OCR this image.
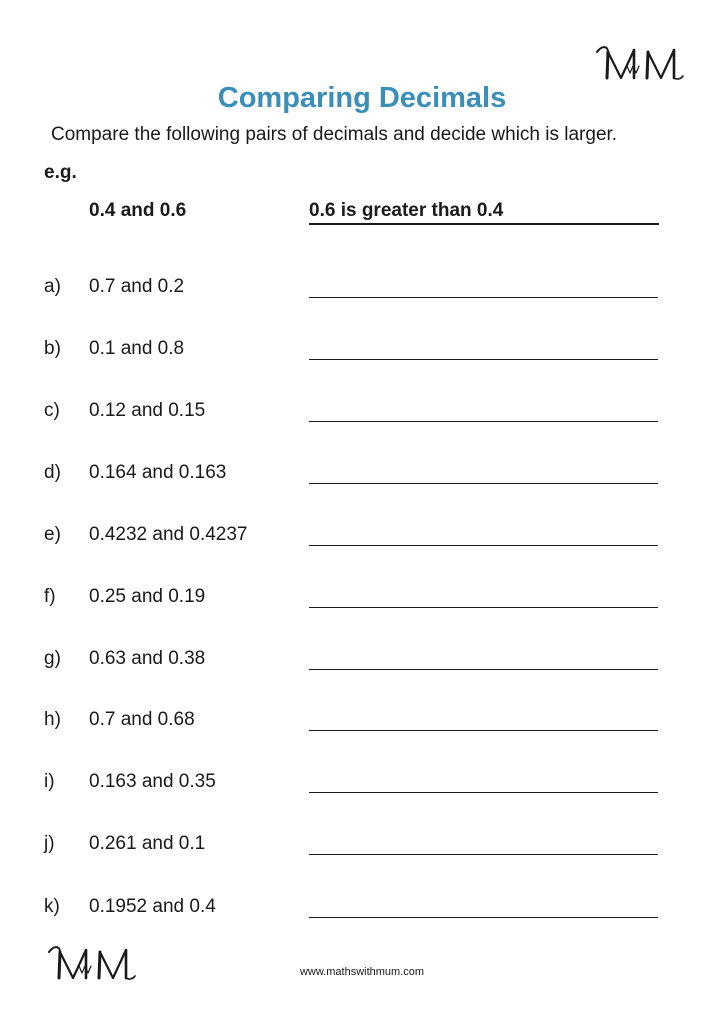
Comparing Decimals
Compare the following pairs of decimals and decide which is larger.
e.g.
0.4 and 0.6	0.6 is greater than 0.4
a) 0.7 and 0.2
b) 0.1 and 0.8
c) 0.12 and 0.15
d) 0.164 and 0.163
e) 0.4232 and 0.4237
f) 0.25 and 0.19
g) 0.63 and 0.38
h) 0.7 and 0.68
i) 0.163 and 0.35
j) 0.261 and 0.1
k) 0.1952 and 0.4
www.mathswithmum.com
